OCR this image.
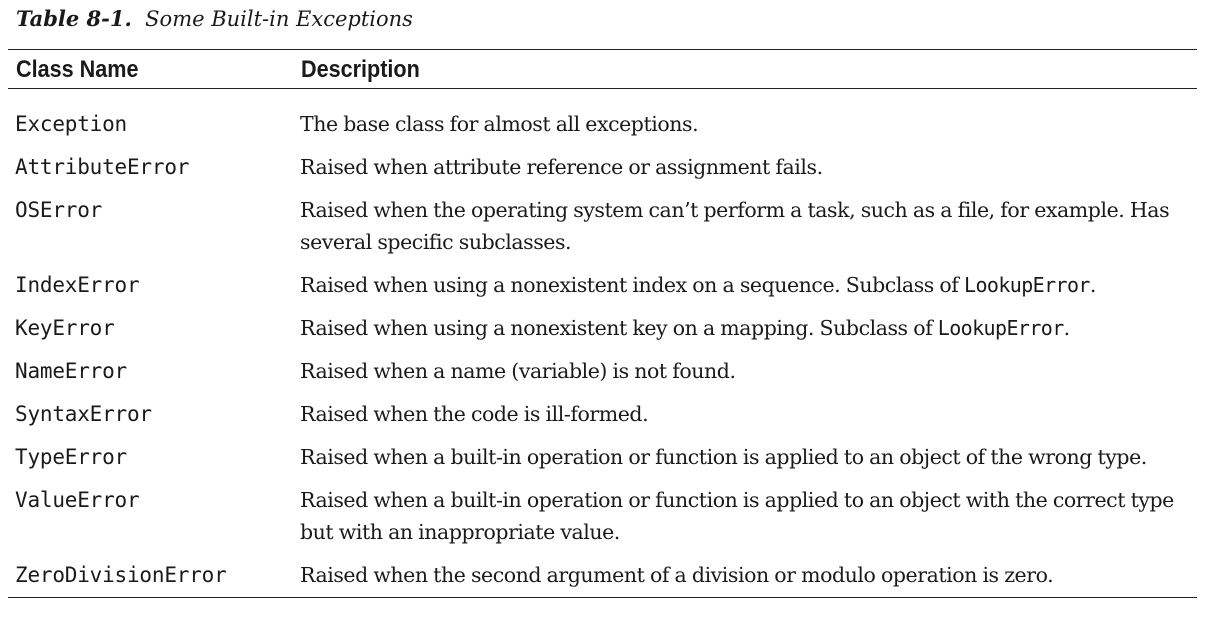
Table 8-1. Some Built-in Exceptions
Class Name	Description
Exception	The base class for almost all exceptions.
AttributeError	Raised when attribute reference or assignment fails.
OSError	Raised when the operating system can’t perform a task, such as a file, for example. Has several specific subclasses.
IndexError	Raised when using a nonexistent index on a sequence. Subclass of LookupError.
KeyError	Raised when using a nonexistent key on a mapping. Subclass of LookupError.
NameError	Raised when a name (variable) is not found.
SyntaxError	Raised when the code is ill-formed.
TypeError	Raised when a built-in operation or function is applied to an object of the wrong type.
ValueError	Raised when a built-in operation or function is applied to an object with the correct type but with an inappropriate value.
ZeroDivisionError	Raised when the second argument of a division or modulo operation is zero.
